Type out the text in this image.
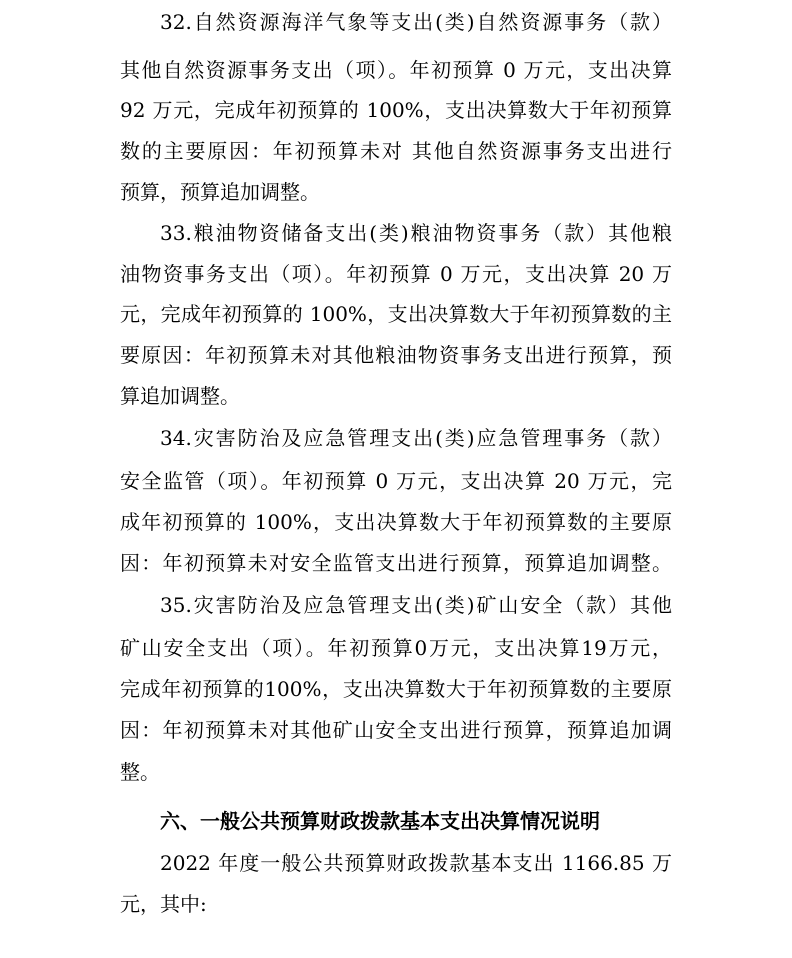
32.自然资源海洋气象等支出(类)自然资源事务（款）
其他自然资源事务支出（项）。年初预算 0 万元，支出决算
92 万元，完成年初预算的 100%，支出决算数大于年初预算
数的主要原因：年初预算未对 其他自然资源事务支出进行
预算，预算追加调整。
33.粮油物资储备支出(类)粮油物资事务（款）其他粮
油物资事务支出（项）。年初预算 0 万元，支出决算 20 万
元，完成年初预算的 100%，支出决算数大于年初预算数的主
要原因：年初预算未对其他粮油物资事务支出进行预算，预
算追加调整。
34.灾害防治及应急管理支出(类)应急管理事务（款）
安全监管（项）。年初预算 0 万元，支出决算 20 万元，完
成年初预算的 100%，支出决算数大于年初预算数的主要原
因：年初预算未对安全监管支出进行预算，预算追加调整。
35.灾害防治及应急管理支出(类)矿山安全（款）其他
矿山安全支出（项）。年初预算0万元，支出决算19万元，
完成年初预算的100%，支出决算数大于年初预算数的主要原
因：年初预算未对其他矿山安全支出进行预算，预算追加调
整。
六、一般公共预算财政拨款基本支出决算情况说明
2022 年度一般公共预算财政拨款基本支出 1166.85 万
元，其中:
